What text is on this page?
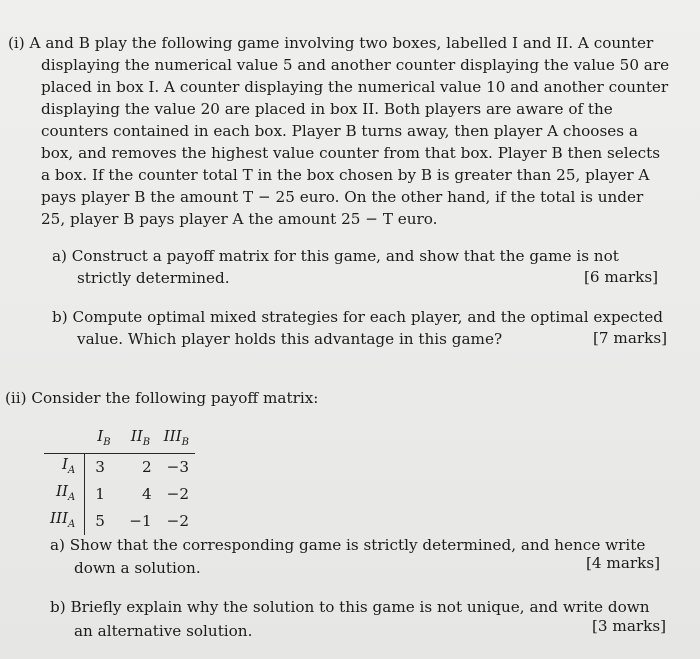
(i) A and B play the following game involving two boxes, labelled I and II. A counter
displaying the numerical value 5 and another counter displaying the value 50 are
placed in box I. A counter displaying the numerical value 10 and another counter
displaying the value 20 are placed in box II. Both players are aware of the
counters contained in each box. Player B turns away, then player A chooses a
box, and removes the highest value counter from that box. Player B then selects
a box. If the counter total T in the box chosen by B is greater than 25, player A
pays player B the amount T − 25 euro. On the other hand, if the total is under
25, player B pays player A the amount 25 − T euro.
a) Construct a payoff matrix for this game, and show that the game is not
strictly determined.	[6 marks]
b) Compute optimal mixed strategies for each player, and the optimal expected
value. Which player holds this advantage in this game?	[7 marks]
(ii) Consider the following payoff matrix:
	$I_B$	$II_B$	$III_B$
$I_A$	3	2	−3
$II_A$	1	4	−2
$III_A$	5	−1	−2
a) Show that the corresponding game is strictly determined, and hence write
down a solution.	[4 marks]
b) Briefly explain why the solution to this game is not unique, and write down
an alternative solution.	[3 marks]
